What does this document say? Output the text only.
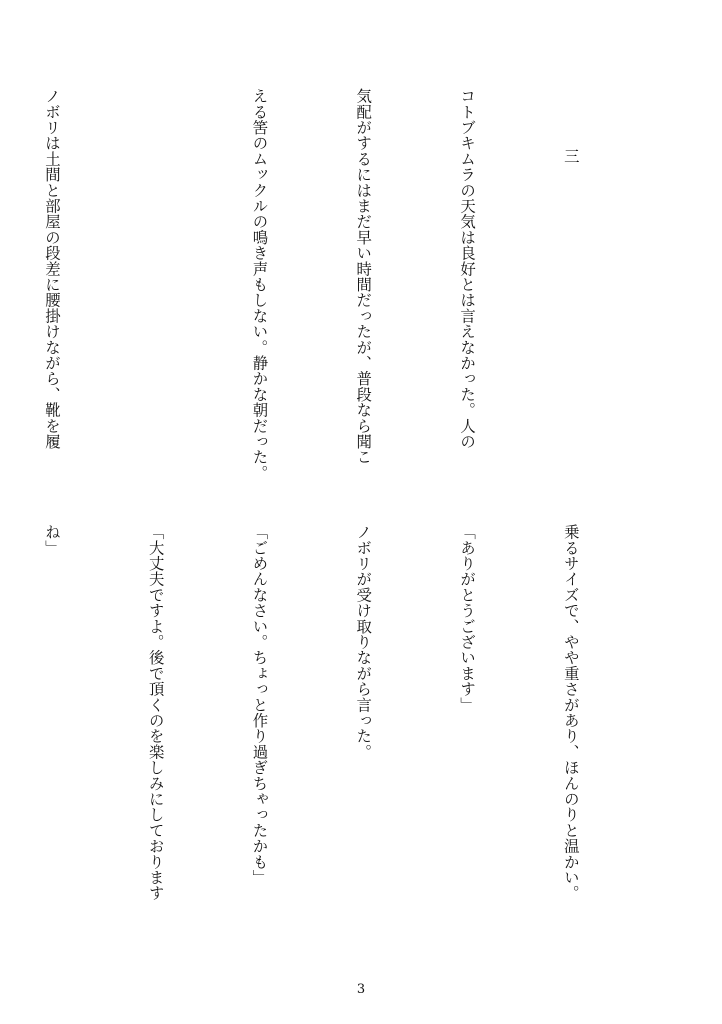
三

コトブキムラの天気は良好とは言えなかった。人の

気配がするにはまだ早い時間だったが、普段なら聞こ

える筈のムックルの鳴き声もしない。静かな朝だった。

ノボリは土間と部屋の段差に腰掛けながら、靴を履

乗るサイズで、やや重さがあり、ほんのりと温かい。

「ありがとうございます」

ノボリが受け取りながら言った。

「ごめんなさい。ちょっと作り過ぎちゃったかも」

「大丈夫ですよ。後で頂くのを楽しみにしております

ね」

3
